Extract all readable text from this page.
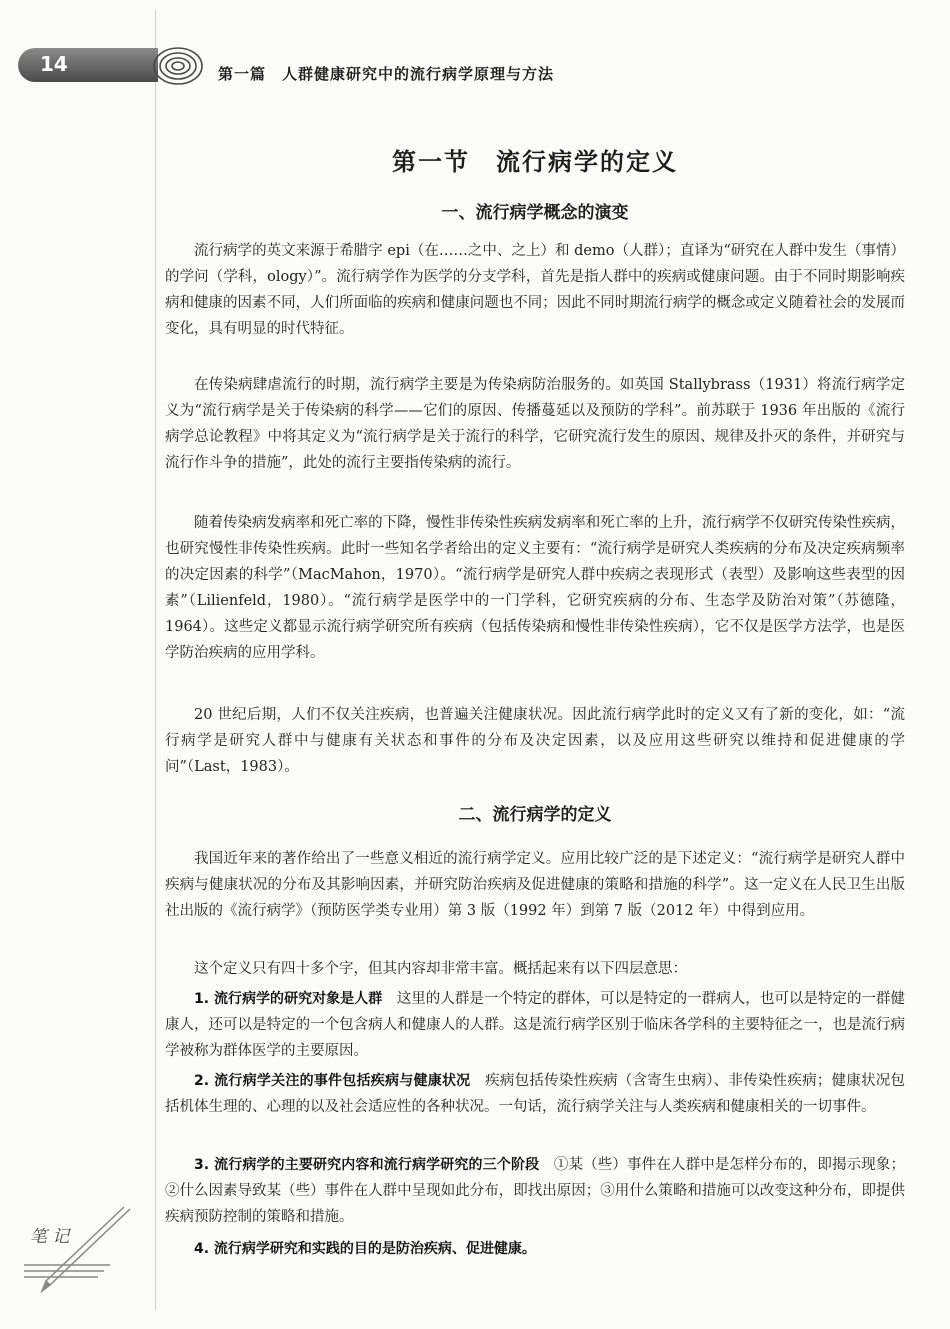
14	第一篇　人群健康研究中的流行病学原理与方法
第一节　流行病学的定义
一、流行病学概念的演变

流行病学的英文来源于希腊字 epi（在……之中、之上）和 demo（人群）；直译为“研究在人群中发生（事情）的学问（学科，ology）”。流行病学作为医学的分支学科，首先是指人群中的疾病或健康问题。由于不同时期影响疾病和健康的因素不同，人们所面临的疾病和健康问题也不同；因此不同时期流行病学的概念或定义随着社会的发展而变化，具有明显的时代特征。

在传染病肆虐流行的时期，流行病学主要是为传染病防治服务的。如英国 Stallybrass（1931）将流行病学定义为“流行病学是关于传染病的科学——它们的原因、传播蔓延以及预防的学科”。前苏联于 1936 年出版的《流行病学总论教程》中将其定义为“流行病学是关于流行的科学，它研究流行发生的原因、规律及扑灭的条件，并研究与流行作斗争的措施”，此处的流行主要指传染病的流行。

随着传染病发病率和死亡率的下降，慢性非传染性疾病发病率和死亡率的上升，流行病学不仅研究传染性疾病，也研究慢性非传染性疾病。此时一些知名学者给出的定义主要有：“流行病学是研究人类疾病的分布及决定疾病频率的决定因素的科学”（MacMahon，1970）。“流行病学是研究人群中疾病之表现形式（表型）及影响这些表型的因素”（Lilienfeld，1980）。“流行病学是医学中的一门学科，它研究疾病的分布、生态学及防治对策”（苏德隆，1964）。这些定义都显示流行病学研究所有疾病（包括传染病和慢性非传染性疾病），它不仅是医学方法学，也是医学防治疾病的应用学科。

20 世纪后期，人们不仅关注疾病，也普遍关注健康状况。因此流行病学此时的定义又有了新的变化，如：“流行病学是研究人群中与健康有关状态和事件的分布及决定因素，以及应用这些研究以维持和促进健康的学问”（Last，1983）。

二、流行病学的定义

我国近年来的著作给出了一些意义相近的流行病学定义。应用比较广泛的是下述定义：“流行病学是研究人群中疾病与健康状况的分布及其影响因素，并研究防治疾病及促进健康的策略和措施的科学”。这一定义在人民卫生出版社出版的《流行病学》（预防医学类专业用）第 3 版（1992 年）到第 7 版（2012 年）中得到应用。

这个定义只有四十多个字，但其内容却非常丰富。概括起来有以下四层意思：

1. 流行病学的研究对象是人群　 这里的人群是一个特定的群体，可以是特定的一群病人，也可以是特定的一群健康人，还可以是特定的一个包含病人和健康人的人群。这是流行病学区别于临床各学科的主要特征之一，也是流行病学被称为群体医学的主要原因。

2. 流行病学关注的事件包括疾病与健康状况　 疾病包括传染性疾病（含寄生虫病）、非传染性疾病；健康状况包括机体生理的、心理的以及社会适应性的各种状况。一句话，流行病学关注与人类疾病和健康相关的一切事件。

3. 流行病学的主要研究内容和流行病学研究的三个阶段　 ①某（些）事件在人群中是怎样分布的，即揭示现象；②什么因素导致某（些）事件在人群中呈现如此分布，即找出原因；③用什么策略和措施可以改变这种分布，即提供疾病预防控制的策略和措施。

4. 流行病学研究和实践的目的是防治疾病、促进健康。

笔 记
